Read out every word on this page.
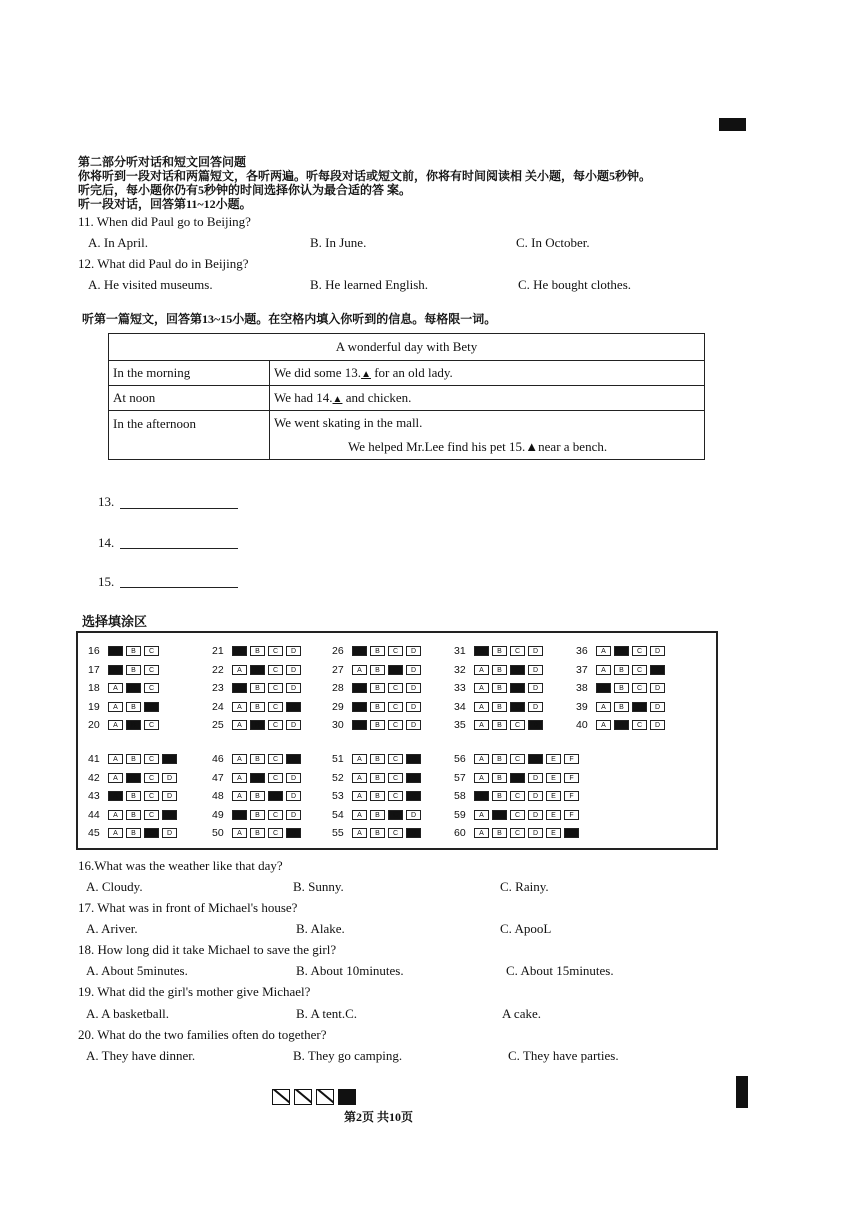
第二部分听对话和短文回答问题
你将听到一段对话和两篇短文，各听两遍。听每段对话或短文前，你将有时间阅读相 关小题，每小题5秒钟。
听完后，每小题你仍有5秒钟的时间选择你认为最合适的答 案。
听一段对话，回答第11~12小题。
11. When did Paul go to Beijing?
A. In April.	B. In June.	C. In October.
12. What did Paul do in Beijing?
A. He visited museums.	B. He learned English.	C. He bought clothes.
听第一篇短文，回答第13~15小题。在空格内填入你听到的信息。每格限一词。
A wonderful day with Bety	
In the morning	We did some 13.▲ for an old lady.
At noon	We had 14.▲ and chicken.
In the afternoon	We went skating in the mall.
We helped Mr.Lee find his pet 15.▲near a bench.
13.
14.
15.
选择填涂区
16	A	B	C
17	A	B	C
18	A	B	C
19	A	B	C
20	A	B	C
21	A	B	C	D
22	A	B	C	D
23	A	B	C	D
24	A	B	C	D
25	A	B	C	D
26	A	B	C	D
27	A	B	C	D
28	A	B	C	D
29	A	B	C	D
30	A	B	C	D
31	A	B	C	D
32	A	B	C	D
33	A	B	C	D
34	A	B	C	D
35	A	B	C	D
36	A	B	C	D
37	A	B	C	D
38	A	B	C	D
39	A	B	C	D
40	A	B	C	D
41	A	B	C	D
42	A	B	C	D
43	A	B	C	D
44	A	B	C	D
45	A	B	C	D
46	A	B	C	D
47	A	B	C	D
48	A	B	C	D
49	A	B	C	D
50	A	B	C	D
51	A	B	C	D
52	A	B	C	D
53	A	B	C	D
54	A	B	C	D
55	A	B	C	D
56	A	B	C	D	E	F
57	A	B	C	D	E	F
58	A	B	C	D	E	F
59	A	B	C	D	E	F
60	A	B	C	D	E	F
16.What was the weather like that day?
A. Cloudy.	B. Sunny.	C. Rainy.
17. What was in front of Michael's house?
A. Ariver.	B. Alake.	C. ApooL
18. How long did it take Michael to save the girl?
A. About 5minutes.	B. About 10minutes.	C. About 15minutes.
19. What did the girl's mother give Michael?
A. A basketball.	B. A tent.C.	A cake.
20. What do the two families often do together?
A. They have dinner.	B. They go camping.	C. They have parties.
第2页 共10页
